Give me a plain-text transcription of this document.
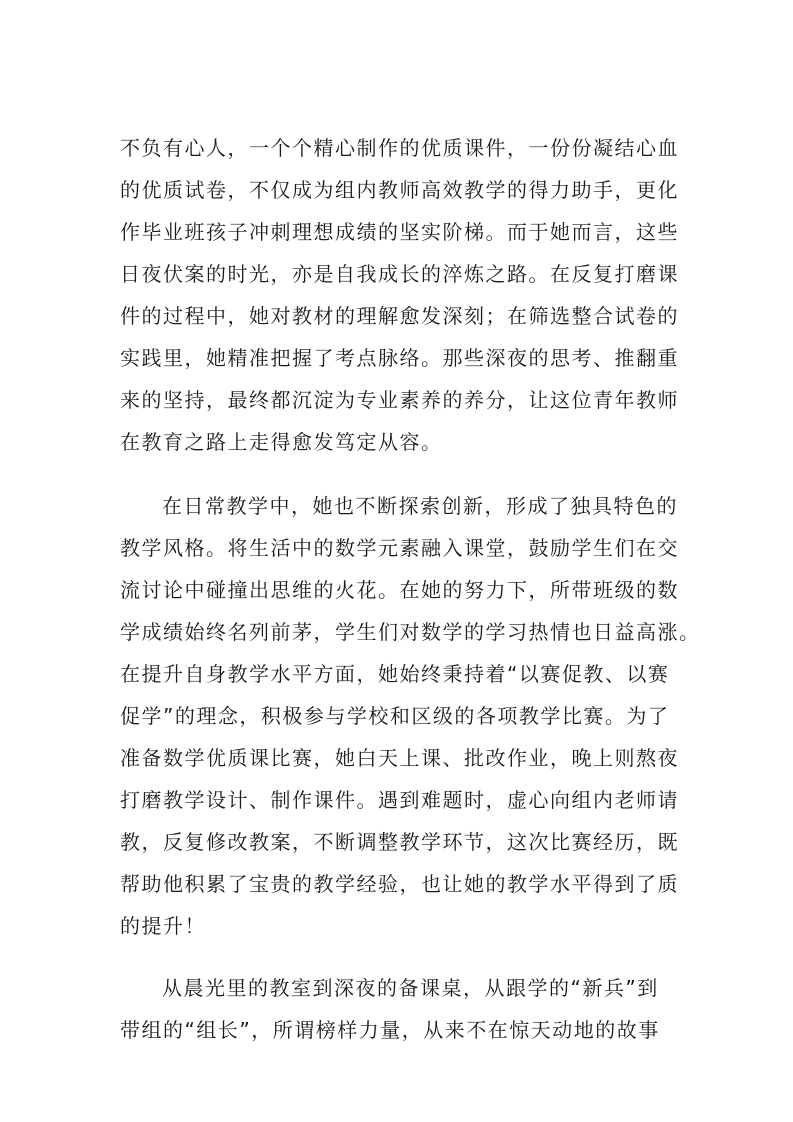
不负有心人，一个个精心制作的优质课件，一份份凝结心血
的优质试卷，不仅成为组内教师高效教学的得力助手，更化
作毕业班孩子冲刺理想成绩的坚实阶梯。而于她而言，这些
日夜伏案的时光，亦是自我成长的淬炼之路。在反复打磨课
件的过程中，她对教材的理解愈发深刻；在筛选整合试卷的
实践里，她精准把握了考点脉络。那些深夜的思考、推翻重
来的坚持，最终都沉淀为专业素养的养分，让这位青年教师
在教育之路上走得愈发笃定从容。
在日常教学中，她也不断探索创新，形成了独具特色的
教学风格。将生活中的数学元素融入课堂，鼓励学生们在交
流讨论中碰撞出思维的火花。在她的努力下，所带班级的数
学成绩始终名列前茅，学生们对数学的学习热情也日益高涨。
在提升自身教学水平方面，她始终秉持着“以赛促教、以赛
促学”的理念，积极参与学校和区级的各项教学比赛。为了
准备数学优质课比赛，她白天上课、批改作业，晚上则熬夜
打磨教学设计、制作课件。遇到难题时，虚心向组内老师请
教，反复修改教案，不断调整教学环节，这次比赛经历，既
帮助他积累了宝贵的教学经验，也让她的教学水平得到了质
的提升！
从晨光里的教室到深夜的备课桌，从跟学的“新兵”到
带组的“组长”，所谓榜样力量，从来不在惊天动地的故事
